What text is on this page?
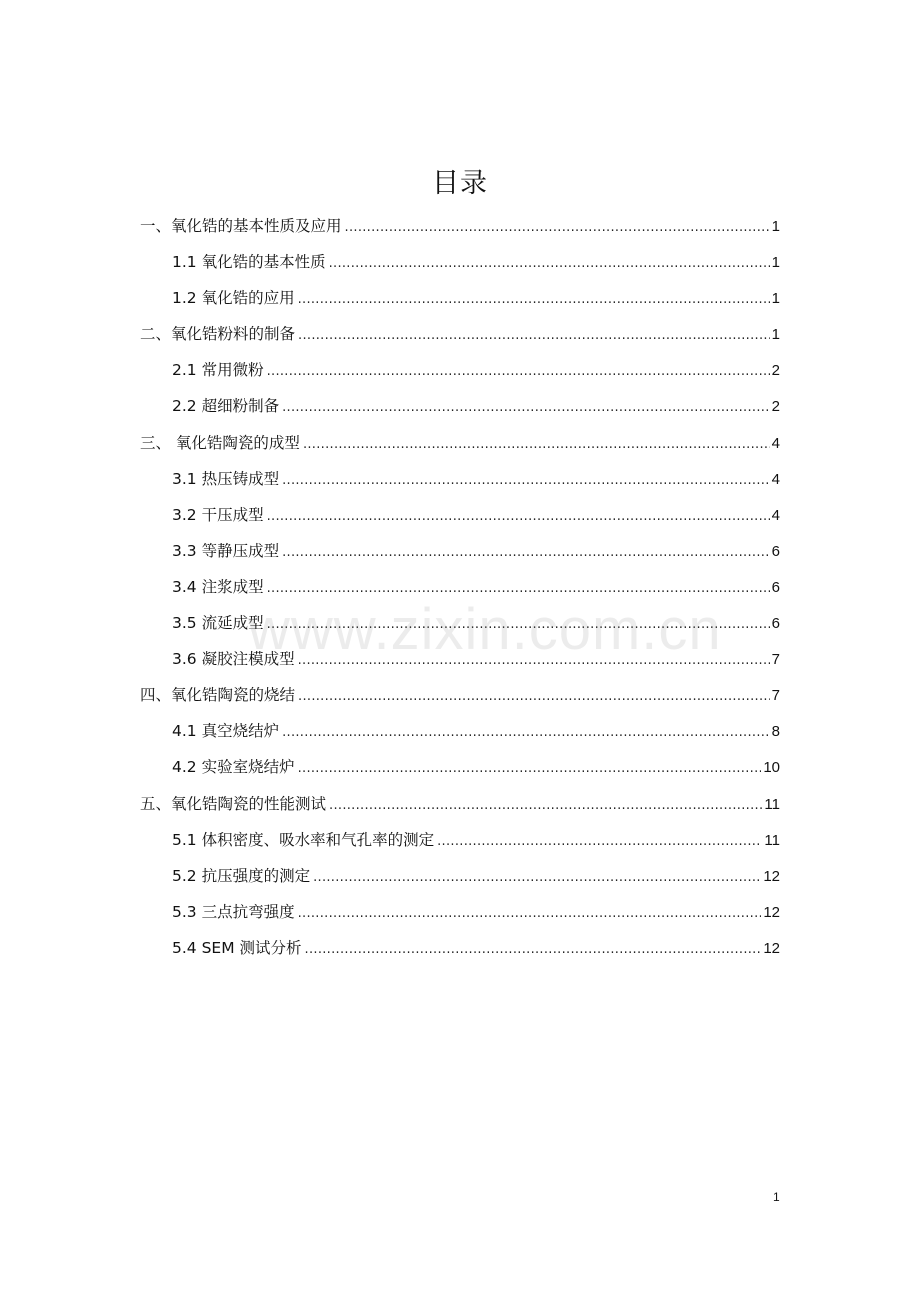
目录
一、氧化锆的基本性质及应用 .....	1
1.1 氧化锆的基本性质 .....	1
1.2 氧化锆的应用 .....	1
二、氧化锆粉料的制备 .....	1
2.1 常用微粉 .....	2
2.2 超细粉制备 .....	2
三、 氧化锆陶瓷的成型 .....	4
3.1 热压铸成型 .....	4
3.2 干压成型 .....	4
3.3 等静压成型 .....	6
3.4 注浆成型 .....	6
3.5 流延成型 .....	6
3.6 凝胶注模成型 .....	7
四、氧化锆陶瓷的烧结 .....	7
4.1 真空烧结炉 .....	8
4.2 实验室烧结炉 .....	10
五、氧化锆陶瓷的性能测试 .....	11
5.1 体积密度、吸水率和气孔率的测定 .....	11
5.2 抗压强度的测定 .....	12
5.3 三点抗弯强度 .....	12
5.4 SEM 测试分析 .....	12
www.zixin.com.cn
1
